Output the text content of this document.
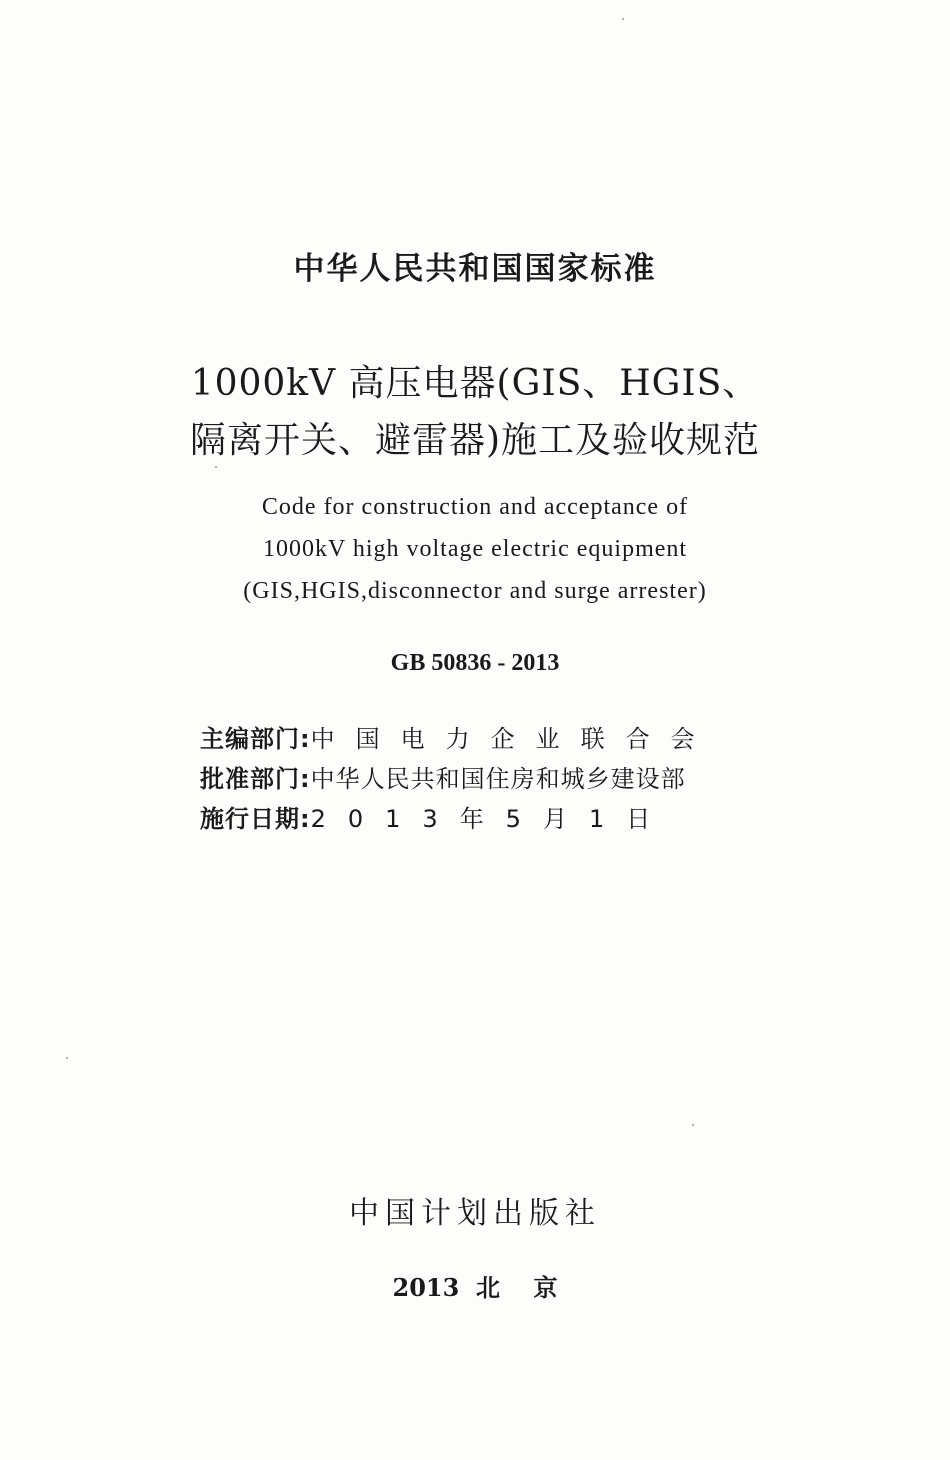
中华人民共和国国家标准
1000kV 高压电器(GIS、HGIS、
隔离开关、避雷器)施工及验收规范
Code for construction and acceptance of
1000kV high voltage electric equipment
(GIS,HGIS,disconnector and surge arrester)
GB 50836 - 2013
主编部门: 中国电力企业联合会
批准部门: 中华人民共和国住房和城乡建设部
施行日期: 2013年5月1日
中国计划出版社
2013  北    京
